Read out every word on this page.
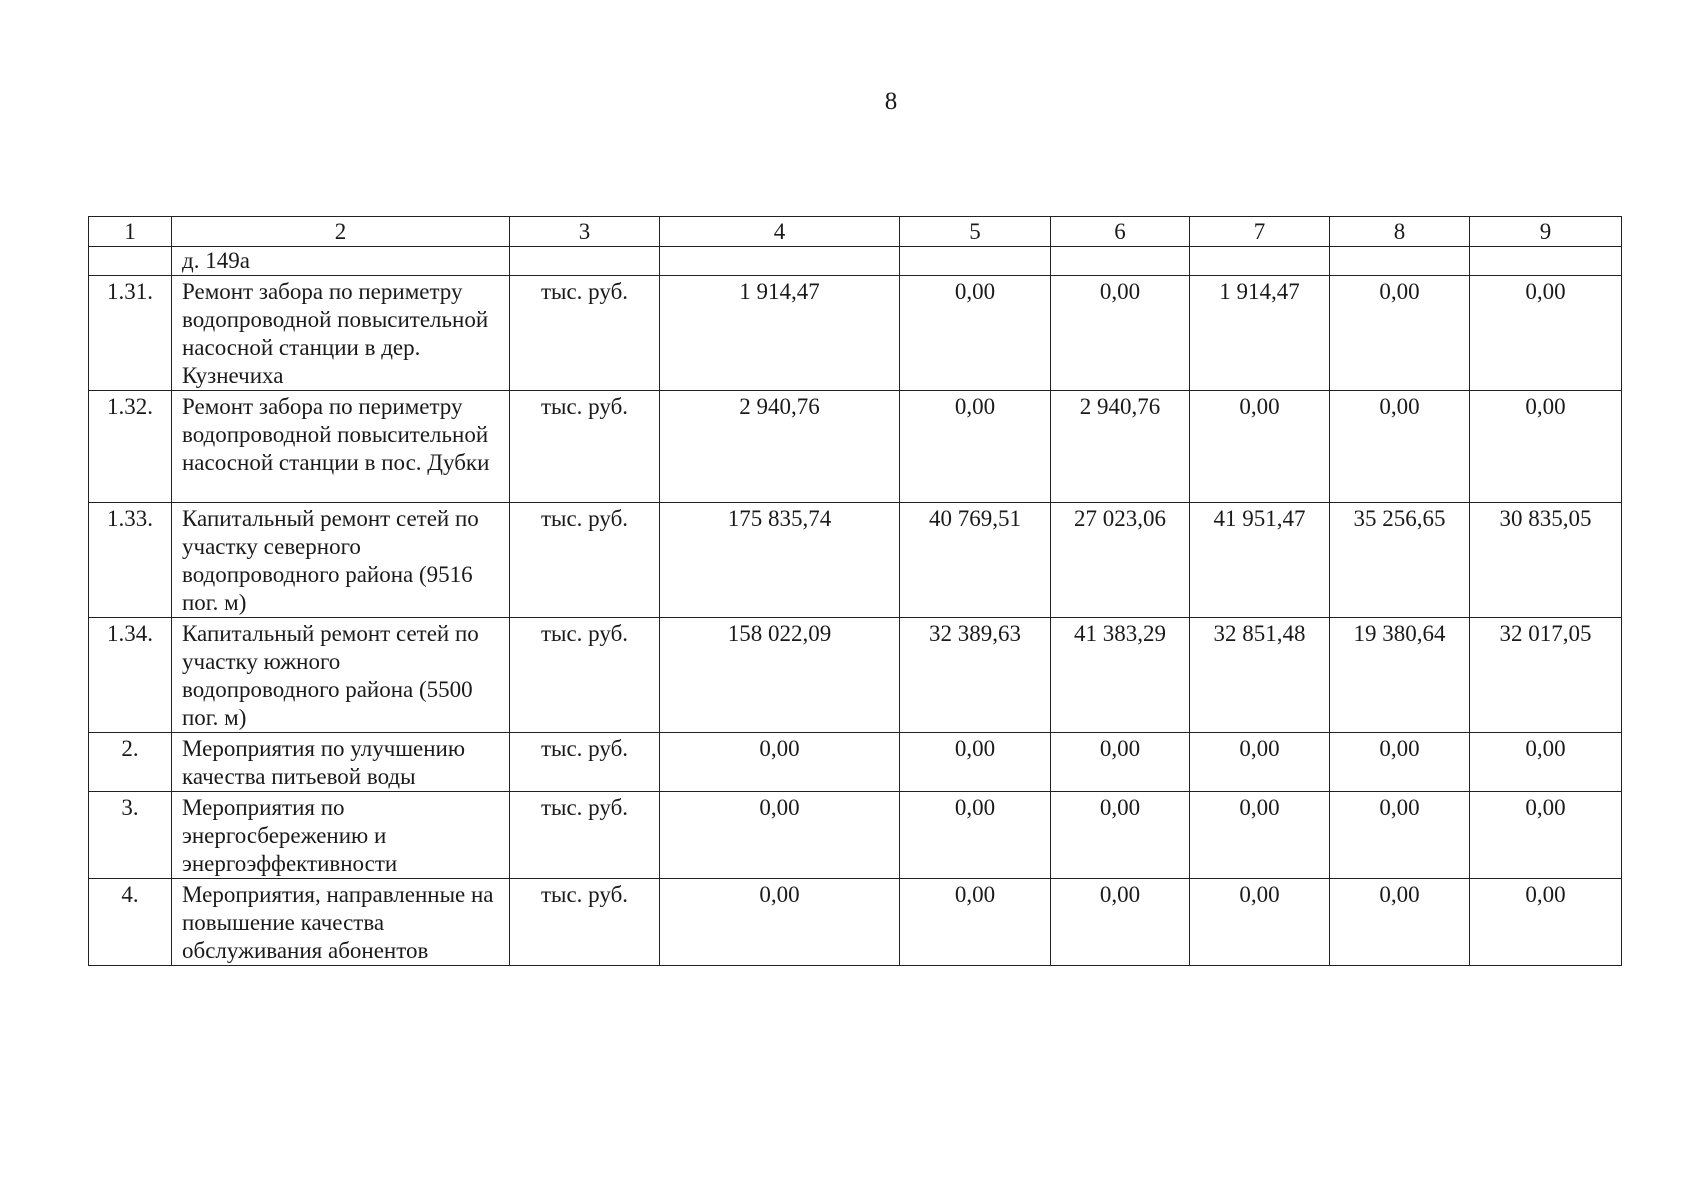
8
1	2	3	4	5	6	7	8	9
	д. 149а							
1.31.	Ремонт забора по периметру водопроводной повысительной насосной станции в дер. Кузнечиха	тыс. руб.	1 914,47	0,00	0,00	1 914,47	0,00	0,00
1.32.	Ремонт забора по периметру водопроводной повысительной насосной станции в пос. Дубки	тыс. руб.	2 940,76	0,00	2 940,76	0,00	0,00	0,00
1.33.	Капитальный ремонт сетей по участку северного водопроводного района (9516 пог. м)	тыс. руб.	175 835,74	40 769,51	27 023,06	41 951,47	35 256,65	30 835,05
1.34.	Капитальный ремонт сетей по участку южного водопроводного района (5500 пог. м)	тыс. руб.	158 022,09	32 389,63	41 383,29	32 851,48	19 380,64	32 017,05
2.	Мероприятия по улучшению качества питьевой воды	тыс. руб.	0,00	0,00	0,00	0,00	0,00	0,00
3.	Мероприятия по энергосбережению и энергоэффективности	тыс. руб.	0,00	0,00	0,00	0,00	0,00	0,00
4.	Мероприятия, направленные на повышение качества обслуживания абонентов	тыс. руб.	0,00	0,00	0,00	0,00	0,00	0,00
